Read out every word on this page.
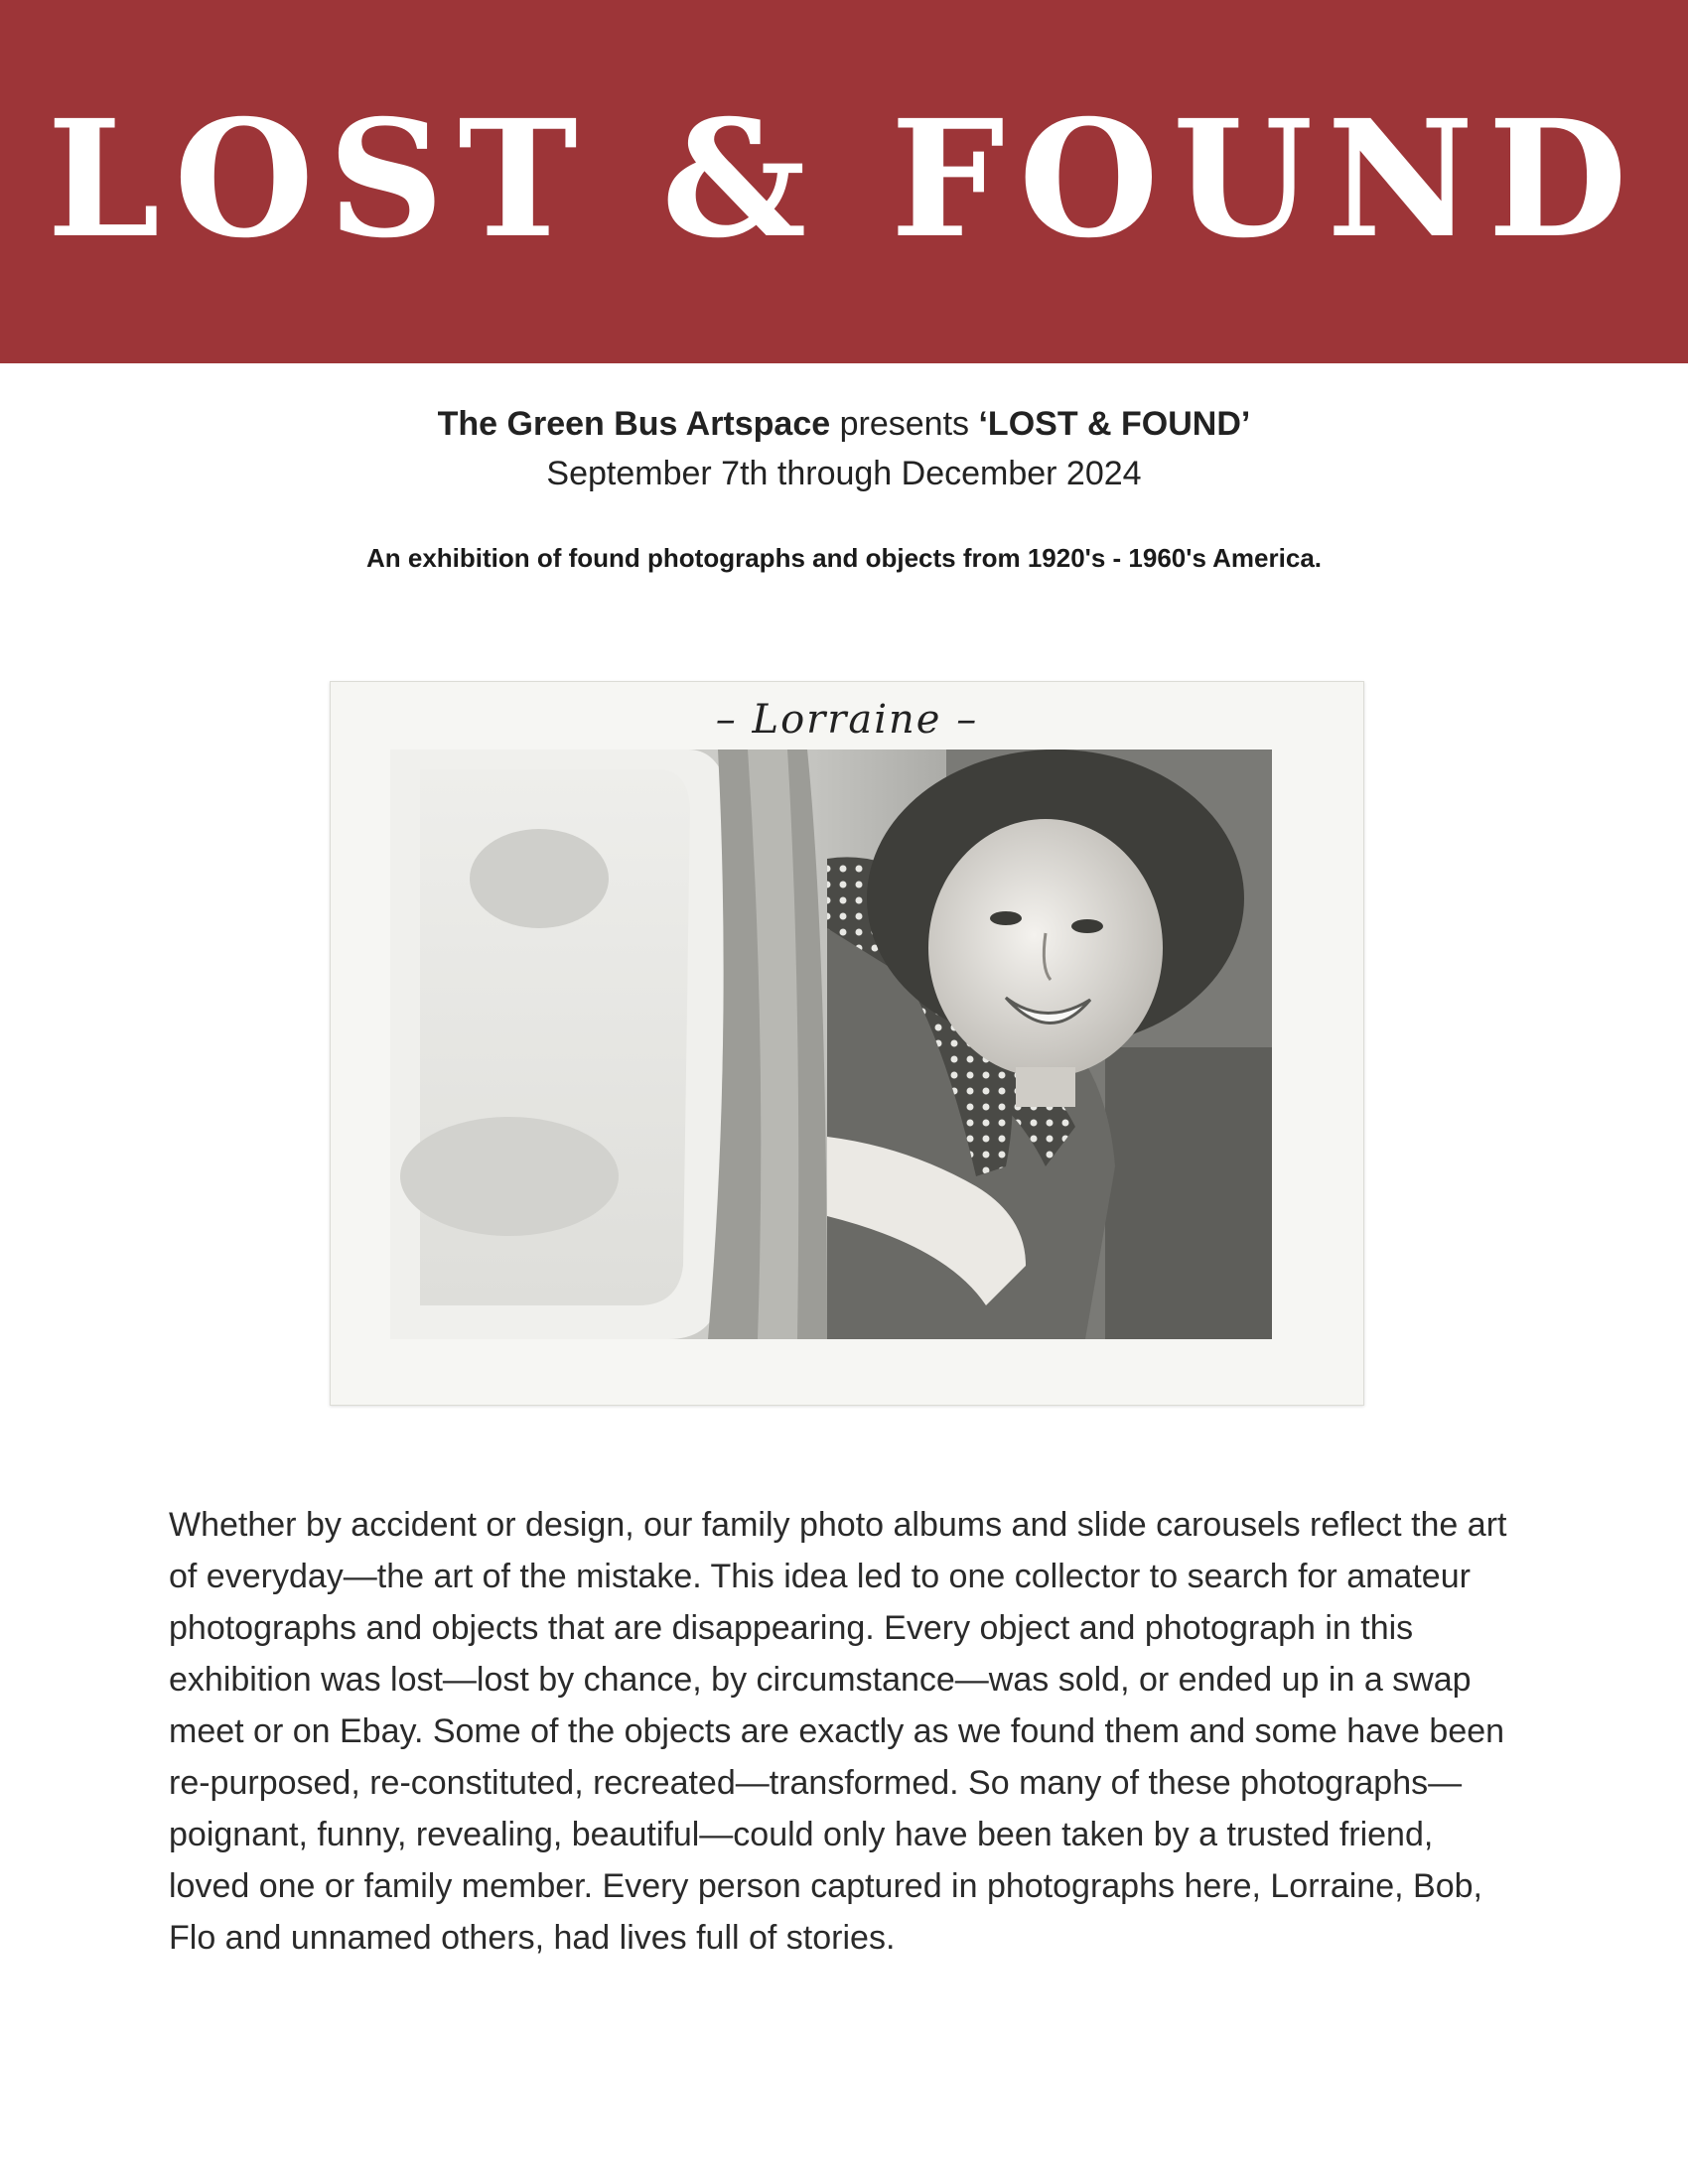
LOST & FOUND
The Green Bus Artspace presents ‘LOST & FOUND’
September 7th through December 2024
An exhibition of found photographs and objects from 1920's - 1960's America.
– Lorraine –
Whether by accident or design, our family photo albums and slide carousels reflect the art of everyday—the art of the mistake. This idea led to one collector to search for amateur photographs and objects that are disappearing. Every object and photograph in this exhibition was lost—lost by chance, by circumstance—was sold, or ended up in a swap meet or on Ebay. Some of the objects are exactly as we found them and some have been re-purposed, re-constituted, recreated—transformed. So many of these photographs—poignant, funny, revealing, beautiful—could only have been taken by a trusted friend, loved one or family member. Every person captured in photographs here, Lorraine, Bob, Flo and unnamed others, had lives full of stories.
